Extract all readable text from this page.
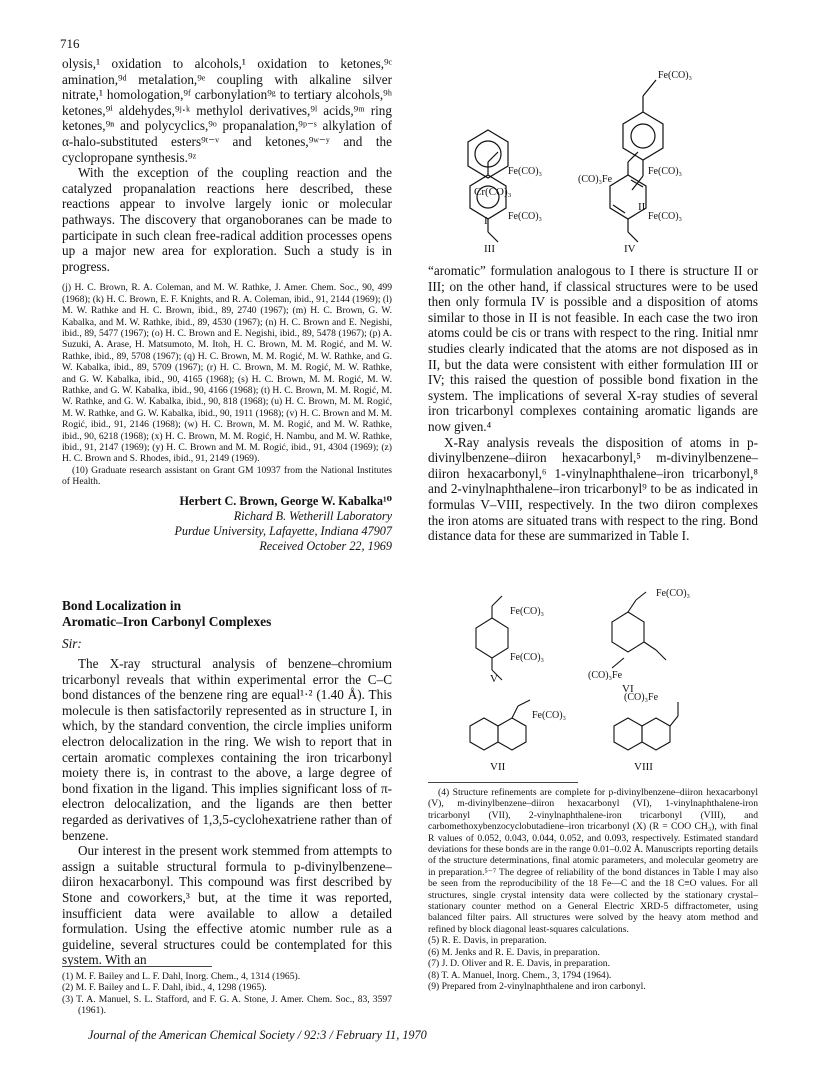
716

olysis,¹ oxidation to alcohols,¹ oxidation to ketones,⁹ᶜ amination,⁹ᵈ metalation,⁹ᵉ coupling with alkaline silver nitrate,¹ homologation,⁹ᶠ carbonylation⁹ᵍ to tertiary alcohols,⁹ʰ ketones,⁹ⁱ aldehydes,⁹ʲ·ᵏ methylol derivatives,⁹ˡ acids,⁹ᵐ ring ketones,⁹ⁿ and polycyclics,⁹ᵒ propanalation,⁹ᵖ⁻ˢ alkylation of α-halo-substituted esters⁹ᵗ⁻ᵛ and ketones,⁹ʷ⁻ʸ and the cyclopropane synthesis.⁹ᶻ

With the exception of the coupling reaction and the catalyzed propanalation reactions here described, these reactions appear to involve largely ionic or molecular pathways. The discovery that organoboranes can be made to participate in such clean free-radical addition processes opens up a major new area for exploration. Such a study is in progress.

(j) H. C. Brown, R. A. Coleman, and M. W. Rathke, J. Amer. Chem. Soc., 90, 499 (1968); (k) H. C. Brown, E. F. Knights, and R. A. Coleman, ibid., 91, 2144 (1969); (l) M. W. Rathke and H. C. Brown, ibid., 89, 2740 (1967); (m) H. C. Brown, G. W. Kabalka, and M. W. Rathke, ibid., 89, 4530 (1967); (n) H. C. Brown and E. Negishi, ibid., 89, 5477 (1967); (o) H. C. Brown and E. Negishi, ibid., 89, 5478 (1967); (p) A. Suzuki, A. Arase, H. Matsumoto, M. Itoh, H. C. Brown, M. M. Rogić, and M. W. Rathke, ibid., 89, 5708 (1967); (q) H. C. Brown, M. M. Rogić, M. W. Rathke, and G. W. Kabalka, ibid., 89, 5709 (1967); (r) H. C. Brown, M. M. Rogić, M. W. Rathke, and G. W. Kabalka, ibid., 90, 4165 (1968); (s) H. C. Brown, M. M. Rogić, M. W. Rathke, and G. W. Kabalka, ibid., 90, 4166 (1968); (t) H. C. Brown, M. M. Rogić, M. W. Rathke, and G. W. Kabalka, ibid., 90, 818 (1968); (u) H. C. Brown, M. M. Rogić, M. W. Rathke, and G. W. Kabalka, ibid., 90, 1911 (1968); (v) H. C. Brown and M. M. Rogić, ibid., 91, 2146 (1968); (w) H. C. Brown, M. M. Rogić, and M. W. Rathke, ibid., 90, 6218 (1968); (x) H. C. Brown, M. M. Rogić, H. Nambu, and M. W. Rathke, ibid., 91, 2147 (1969); (y) H. C. Brown and M. M. Rogić, ibid., 91, 4304 (1969); (z) H. C. Brown and S. Rhodes, ibid., 91, 2149 (1969).

(10) Graduate research assistant on Grant GM 10937 from the National Institutes of Health.

Herbert C. Brown, George W. Kabalka¹⁰
Richard B. Wetherill Laboratory
Purdue University, Lafayette, Indiana 47907
Received October 22, 1969

Bond Localization in

Aromatic–Iron Carbonyl Complexes

Sir:

The X-ray structural analysis of benzene–chromium tricarbonyl reveals that within experimental error the C–C bond distances of the benzene ring are equal¹·² (1.40 Å). This molecule is then satisfactorily represented as in structure I, in which, by the standard convention, the circle implies uniform electron delocalization in the ring. We wish to report that in certain aromatic complexes containing the iron tricarbonyl moiety there is, in contrast to the above, a large degree of bond fixation in the ligand. This implies significant loss of π-electron delocalization, and the ligands are then better regarded as derivatives of 1,3,5-cyclohexatriene rather than of benzene.

Our interest in the present work stemmed from attempts to assign a suitable structural formula to p-divinylbenzene–diiron hexacarbonyl. This compound was first described by Stone and coworkers,³ but, at the time it was reported, insufficient data were available to allow a detailed formulation. Using the effective atomic number rule as a guideline, several structures could be contemplated for this system. With an

(1) M. F. Bailey and L. F. Dahl, Inorg. Chem., 4, 1314 (1965).

(2) M. F. Bailey and L. F. Dahl, ibid., 4, 1298 (1965).

(3) T. A. Manuel, S. L. Stafford, and F. G. A. Stone, J. Amer. Chem. Soc., 83, 3597 (1961).

Cr(CO)₃
I
Fe(CO)₃
(CO)₃Fe
II
Fe(CO)₃
Fe(CO)₃
III
Fe(CO)₃
Fe(CO)₃
IV

“aromatic” formulation analogous to I there is structure II or III; on the other hand, if classical structures were to be used then only formula IV is possible and a disposition of atoms similar to those in II is not feasible. In each case the two iron atoms could be cis or trans with respect to the ring. Initial nmr studies clearly indicated that the atoms are not disposed as in II, but the data were consistent with either formulation III or IV; this raised the question of possible bond fixation in the system. The implications of several X-ray studies of several iron tricarbonyl complexes containing aromatic ligands are now given.⁴

X-Ray analysis reveals the disposition of atoms in p-divinylbenzene–diiron hexacarbonyl,⁵ m-divinylbenzene–diiron hexacarbonyl,⁶ 1-vinylnaphthalene–iron tricarbonyl,⁸ and 2-vinylnaphthalene–iron tricarbonyl⁹ to be as indicated in formulas V–VIII, respectively. In the two diiron complexes the iron atoms are situated trans with respect to the ring. Bond distance data for these are summarized in Table I.

Fe(CO)₃
Fe(CO)₃
V
Fe(CO)₃
(CO)₃Fe
VI
Fe(CO)₃
VII
(CO)₃Fe
VIII

(4) Structure refinements are complete for p-divinylbenzene–diiron hexacarbonyl (V), m-divinylbenzene–diiron hexacarbonyl (VI), 1-vinylnaphthalene-iron tricarbonyl (VII), 2-vinylnaphthalene-iron tricarbonyl (VIII), and carbomethoxybenzocyclobutadiene–iron tricarbonyl (X) (R = COO CH₃), with final R values of 0.052, 0.043, 0.044, 0.052, and 0.093, respectively. Estimated standard deviations for these bonds are in the range 0.01–0.02 Å. Manuscripts reporting details of the structure determinations, final atomic parameters, and molecular geometry are in preparation.⁵⁻⁷ The degree of reliability of the bond distances in Table I may also be seen from the reproducibility of the 18 Fe—C and the 18 C≡O values. For all structures, single crystal intensity data were collected by the stationary crystal–stationary counter method on a General Electric XRD-5 diffractometer, using balanced filter pairs. All structures were solved by the heavy atom method and refined by block diagonal least-squares calculations.

(5) R. E. Davis, in preparation.

(6) M. Jenks and R. E. Davis, in preparation.

(7) J. D. Oliver and R. E. Davis, in preparation.

(8) T. A. Manuel, Inorg. Chem., 3, 1794 (1964).

(9) Prepared from 2-vinylnaphthalene and iron carbonyl.

Journal of the American Chemical Society / 92:3 / February 11, 1970
